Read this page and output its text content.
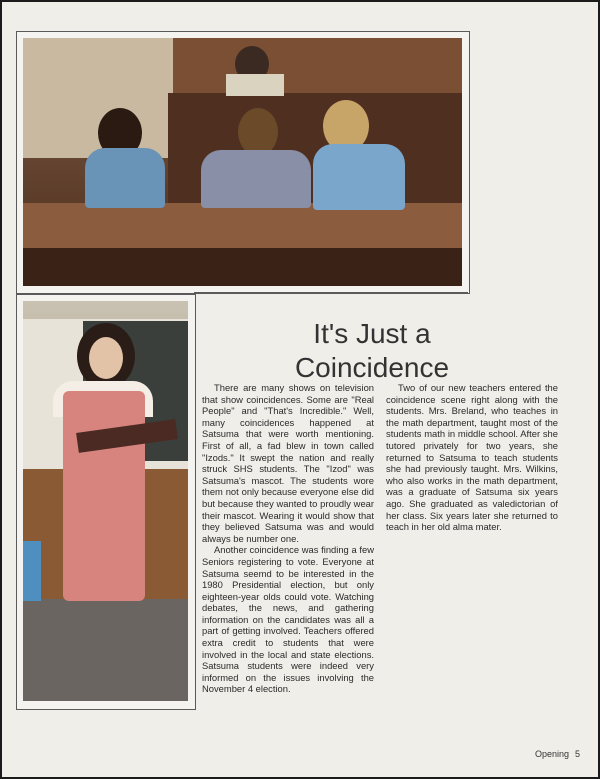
It's Just a
Coincidence

There are many shows on television that show coincidences. Some are "Real People" and "That's Incredible." Well, many coincidences happened at Satsuma that were worth mentioning. First of all, a fad blew in town called "Izods." It swept the nation and really struck SHS students. The "Izod" was Satsuma's mascot. The students wore them not only because everyone else did but because they wanted to proudly wear their mascot. Wearing it would show that they believed Satsuma was and would always be number one.

Another coincidence was finding a few Seniors registering to vote. Everyone at Satsuma seemd to be interested in the 1980 Presidential election, but only eighteen-year olds could vote. Watching debates, the news, and gathering information on the candidates was all a part of getting involved. Teachers offered extra credit to students that were involved in the local and state elections. Satsuma students were indeed very informed on the issues involving the November 4 election.

Two of our new teachers entered the coincidence scene right along with the students. Mrs. Breland, who teaches in the math department, taught most of the students math in middle school. After she tutored privately for two years, she returned to Satsuma to teach students she had previously taught. Mrs. Wilkins, who also works in the math department, was a graduate of Satsuma six years ago. She graduated as valedictorian of her class. Six years later she returned to teach in her old alma mater.

Opening 5
